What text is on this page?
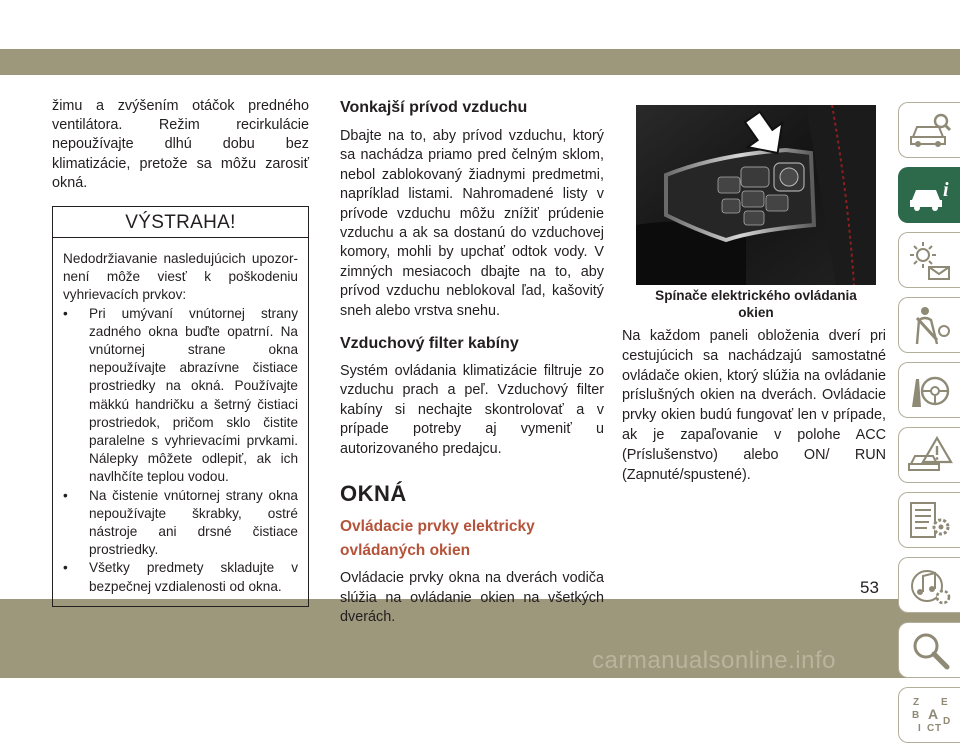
carmanualsonline.info

žimu a zvýšením otáčok predného ventilátora. Režim recirkulácie nepoužívajte dlhú dobu bez klimatizácie, pretože sa môžu zarosiť okná.

VÝSTRAHA!

Nedodržiavanie nasledujúcich upozornení môže viesť k poškodeniu vyhrievacích prvkov:

• Pri umývaní vnútornej strany zadného okna buďte opatrní. Na vnútornej strane okna nepoužívajte abrazívne čistiace prostriedky na okná. Používajte mäkkú handričku a šetrný čistiaci prostriedok, pričom sklo čistite paralelne s vyhrievacími prvkami. Nálepky môžete odlepiť, ak ich navlhčíte teplou vodou.
• Na čistenie vnútornej strany okna nepoužívajte škrabky, ostré nástroje ani drsné čistiace prostriedky.
• Všetky predmety skladujte v bezpečnej vzdialenosti od okna.
Vonkajší prívod vzduchu

Dbajte na to, aby prívod vzduchu, ktorý sa nachádza priamo pred čelným sklom, nebol zablokovaný žiadnymi predmetmi, napríklad listami. Nahromadené listy v prívode vzduchu môžu znížiť prúdenie vzduchu a ak sa dostanú do vzduchovej komory, mohli by upchať odtok vody. V zimných mesiacoch dbajte na to, aby prívod vzduchu neblokoval ľad, kašovitý sneh alebo vrstva snehu.

Vzduchový filter kabíny

Systém ovládania klimatizácie filtruje zo vzduchu prach a peľ. Vzduchový filter kabíny si nechajte skontrolovať a v prípade potreby aj vymeniť u autorizovaného predajcu.

OKNÁ
Ovládacie prvky elektricky
ovládaných okien

Ovládacie prvky okna na dverách vodiča slúžia na ovládanie okien na všetkých dverách.

Spínače elektrického ovládania
okien

Na každom paneli obloženia dverí pri cestujúcich sa nachádzajú samostatné ovládače okien, ktorý slúžia na ovládanie príslušných okien na dverách. Ovládacie prvky okien budú fungovať len v prípade, ak je zapaľovanie v polohe ACC (Príslušenstvo) alebo ON/ RUN (Zapnuté/spustené).

i
Z E
B A
I C T
D
53
